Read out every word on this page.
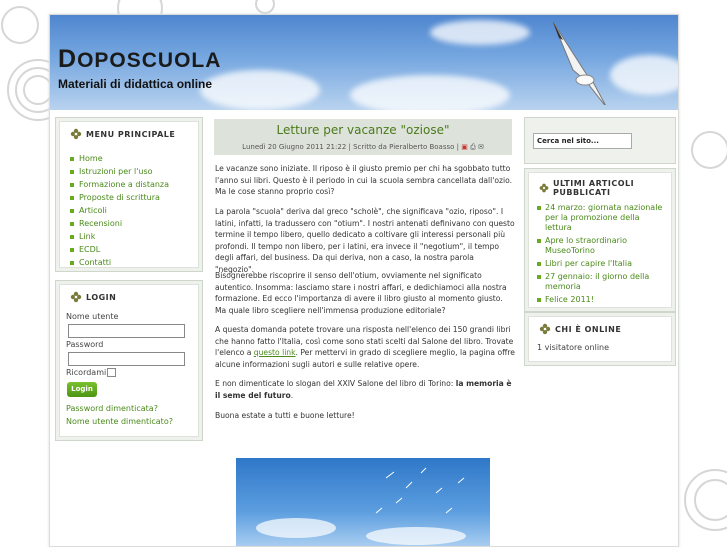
DOPOSCUOLA
Materiali di didattica online
MENU PRINCIPALE
Home
Istruzioni per l'uso
Formazione a distanza
Proposte di scrittura
Articoli
Recensioni
Link
ECDL
Contatti
LOGIN
Nome utente
Password
Ricordami
Login
Password dimenticata?
Nome utente dimenticato?
Letture per vacanze "oziose"
Lunedì 20 Giugno 2011 21:22 | Scritto da Pieralberto Boasso | ▣ ⎙ ✉
Le vacanze sono iniziate. Il riposo è il giusto premio per chi ha sgobbato tutto l'anno sui libri. Questo è il periodo in cui la scuola sembra cancellata dall'ozio. Ma le cose stanno proprio così?
La parola "scuola" deriva dal greco "scholè", che significava "ozio, riposo". I latini, infatti, la tradussero con "otium". I nostri antenati definivano con questo termine il tempo libero, quello dedicato a coltivare gli interessi personali più profondi. Il tempo non libero, per i latini, era invece il "negotium", il tempo degli affari, del business. Da qui deriva, non a caso, la nostra parola "negozio".
Bisognerebbe riscoprire il senso dell'otium, ovviamente nel significato autentico. Insomma: lasciamo stare i nostri affari, e dedichiamoci alla nostra formazione. Ed ecco l'importanza di avere il libro giusto al momento giusto. Ma quale libro scegliere nell'immensa produzione editoriale?
A questa domanda potete trovare una risposta nell'elenco dei 150 grandi libri che hanno fatto l'Italia, così come sono stati scelti dal Salone del libro. Trovate l'elenco a questo link. Per mettervi in grado di scegliere meglio, la pagina offre alcune informazioni sugli autori e sulle relative opere.
E non dimenticate lo slogan del XXIV Salone del libro di Torino: la memoria è il seme del futuro.
Buona estate a tutti e buone letture!
Cerca nel sito...
ULTIMI ARTICOLI PUBBLICATI
24 marzo: giornata nazionale per la promozione della lettura
Apre lo straordinario MuseoTorino
Libri per capire l'Italia
27 gennaio: il giorno della memoria
Felice 2011!
CHI È ONLINE
1 visitatore online
